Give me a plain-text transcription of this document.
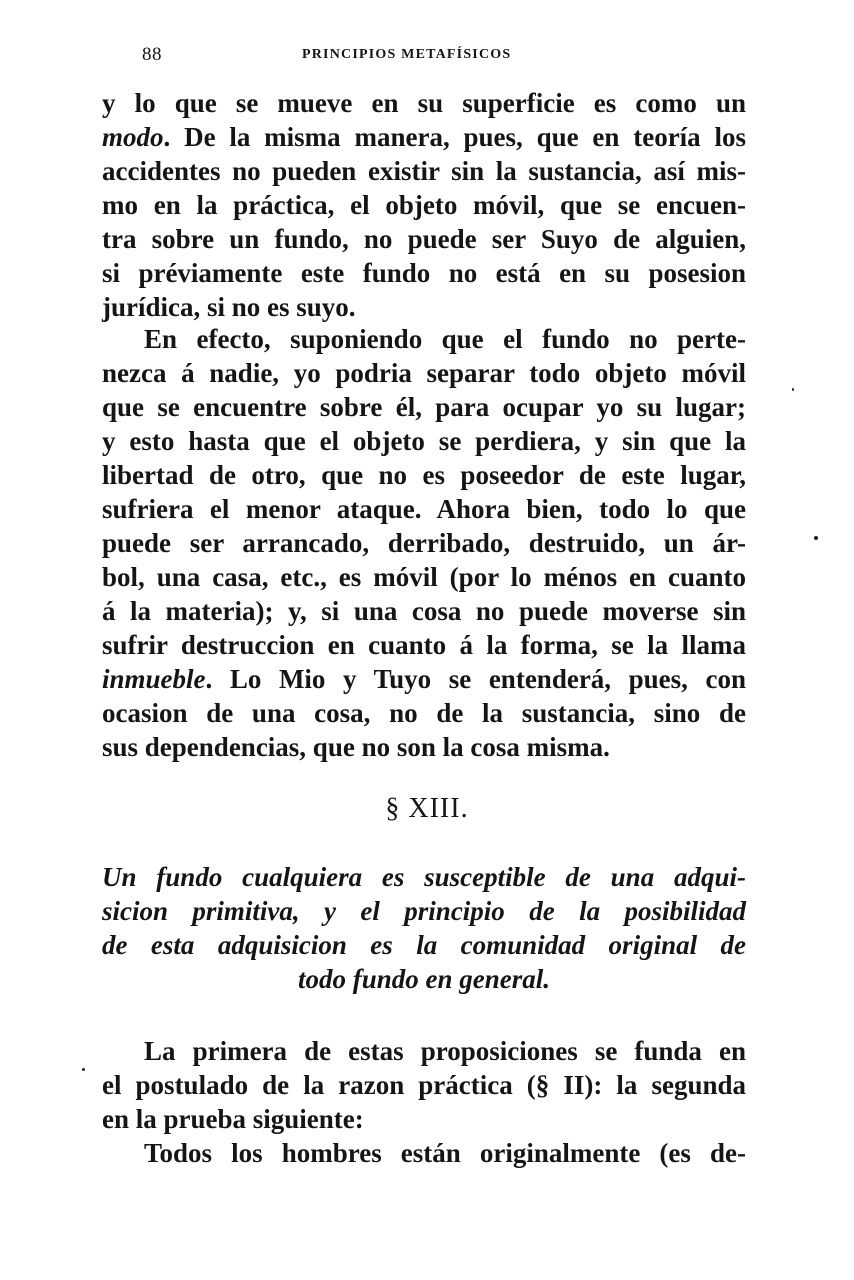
88	PRINCIPIOS METAFÍSICOS
y lo que se mueve en su superficie es como un
modo. De la misma manera, pues, que en teoría los
accidentes no pueden existir sin la sustancia, así mis-
mo en la práctica, el objeto móvil, que se encuen-
tra sobre un fundo, no puede ser Suyo de alguien,
si préviamente este fundo no está en su posesion
jurídica, si no es suyo.
En efecto, suponiendo que el fundo no perte-
nezca á nadie, yo podria separar todo objeto móvil
que se encuentre sobre él, para ocupar yo su lugar;
y esto hasta que el objeto se perdiera, y sin que la
libertad de otro, que no es poseedor de este lugar,
sufriera el menor ataque. Ahora bien, todo lo que
puede ser arrancado, derribado, destruido, un ár-
bol, una casa, etc., es móvil (por lo ménos en cuanto
á la materia); y, si una cosa no puede moverse sin
sufrir destruccion en cuanto á la forma, se la llama
inmueble. Lo Mio y Tuyo se entenderá, pues, con
ocasion de una cosa, no de la sustancia, sino de
sus dependencias, que no son la cosa misma.
§ XIII.
Un fundo cualquiera es susceptible de una adqui-
sicion primitiva, y el principio de la posibilidad
de esta adquisicion es la comunidad original de
todo fundo en general.
La primera de estas proposiciones se funda en
el postulado de la razon práctica (§ II): la segunda
en la prueba siguiente:
Todos los hombres están originalmente (es de-
